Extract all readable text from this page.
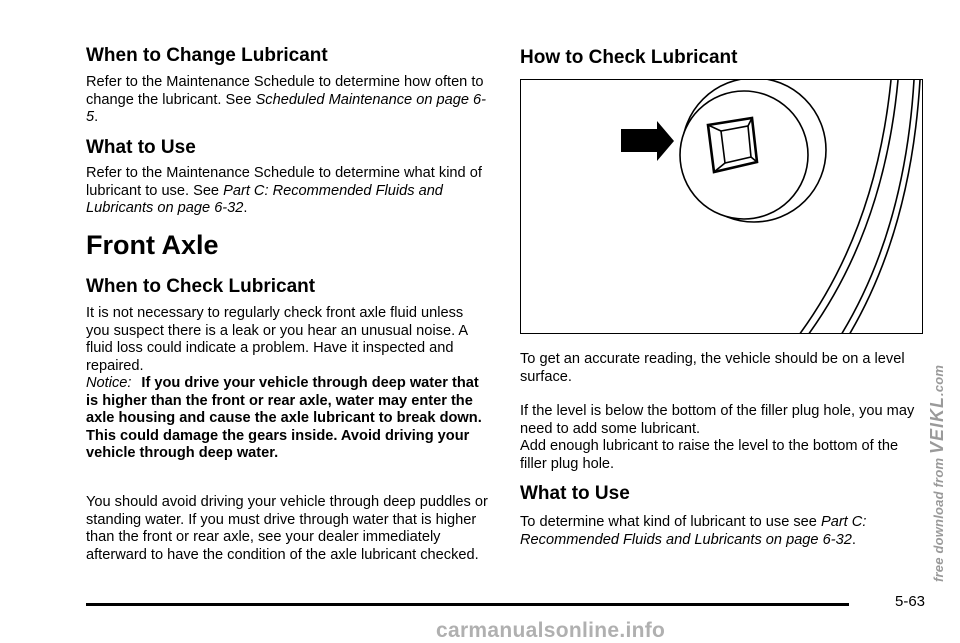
When to Change Lubricant

Refer to the Maintenance Schedule to determine how often to change the lubricant. See Scheduled Maintenance on page 6-5.

What to Use

Refer to the Maintenance Schedule to determine what kind of lubricant to use. See Part C: Recommended Fluids and Lubricants on page 6-32.

Front Axle
When to Check Lubricant

It is not necessary to regularly check front axle fluid unless you suspect there is a leak or you hear an unusual noise. A fluid loss could indicate a problem. Have it inspected and repaired.

Notice: If you drive your vehicle through deep water that is higher than the front or rear axle, water may enter the axle housing and cause the axle lubricant to break down. This could damage the gears inside. Avoid driving your vehicle through deep water.

You should avoid driving your vehicle through deep puddles or standing water. If you must drive through water that is higher than the front or rear axle, see your dealer immediately afterward to have the condition of the axle lubricant checked.

How to Check Lubricant

To get an accurate reading, the vehicle should be on a level surface.

If the level is below the bottom of the filler plug hole, you may need to add some lubricant.

Add enough lubricant to raise the level to the bottom of the filler plug hole.

What to Use

To determine what kind of lubricant to use see Part C: Recommended Fluids and Lubricants on page 6-32.

5-63
free download from VEIKL.com
carmanualsonline.info
